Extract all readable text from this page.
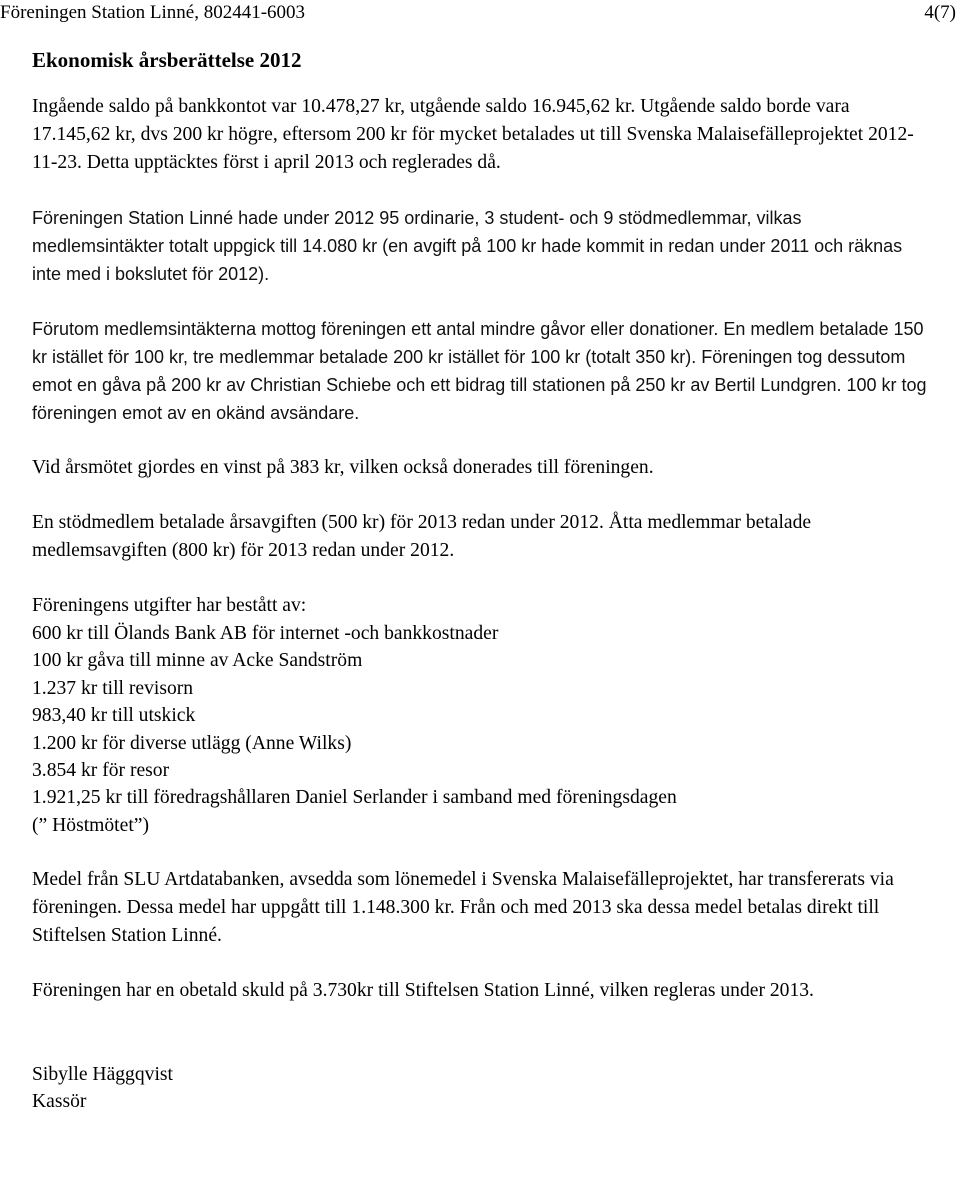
Föreningen Station Linné, 802441-6003	4(7)
Ekonomisk årsberättelse 2012

Ingående saldo på bankkontot var 10.478,27 kr, utgående saldo 16.945,62 kr. Utgående saldo borde vara 17.145,62 kr, dvs 200 kr högre, eftersom 200 kr för mycket betalades ut till Svenska Malaisefälleprojektet 2012-11-23. Detta upptäcktes först i april 2013 och reglerades då.

Föreningen Station Linné hade under 2012 95 ordinarie, 3 student- och 9 stödmedlemmar, vilkas medlemsintäkter totalt uppgick till 14.080 kr (en avgift på 100 kr hade kommit in redan under 2011 och räknas inte med i bokslutet för 2012).

Förutom medlemsintäkterna mottog föreningen ett antal mindre gåvor eller donationer. En medlem betalade 150 kr istället för 100 kr, tre medlemmar betalade 200 kr istället för 100 kr (totalt 350 kr). Föreningen tog dessutom emot en gåva på 200 kr av Christian Schiebe och ett bidrag till stationen på 250 kr av Bertil Lundgren. 100 kr tog föreningen emot av en okänd avsändare.

Vid årsmötet gjordes en vinst på 383 kr, vilken också donerades till föreningen.

En stödmedlem betalade årsavgiften (500 kr) för 2013 redan under 2012. Åtta medlemmar betalade medlemsavgiften (800 kr) för 2013 redan under 2012.

Föreningens utgifter har bestått av:

600 kr till Ölands Bank AB för internet -och bankkostnader
100 kr gåva till minne av Acke Sandström
1.237 kr till revisorn
983,40 kr till utskick
1.200 kr för diverse utlägg (Anne Wilks)
3.854 kr för resor
1.921,25 kr till föredragshållaren Daniel Serlander i samband med föreningsdagen
(” Höstmötet”)

Medel från SLU Artdatabanken, avsedda som lönemedel i Svenska Malaisefälleprojektet, har transfererats via föreningen. Dessa medel har uppgått till 1.148.300 kr. Från och med 2013 ska dessa medel betalas direkt till Stiftelsen Station Linné.

Föreningen har en obetald skuld på 3.730kr till Stiftelsen Station Linné, vilken regleras under 2013.

Sibylle Häggqvist

Kassör
